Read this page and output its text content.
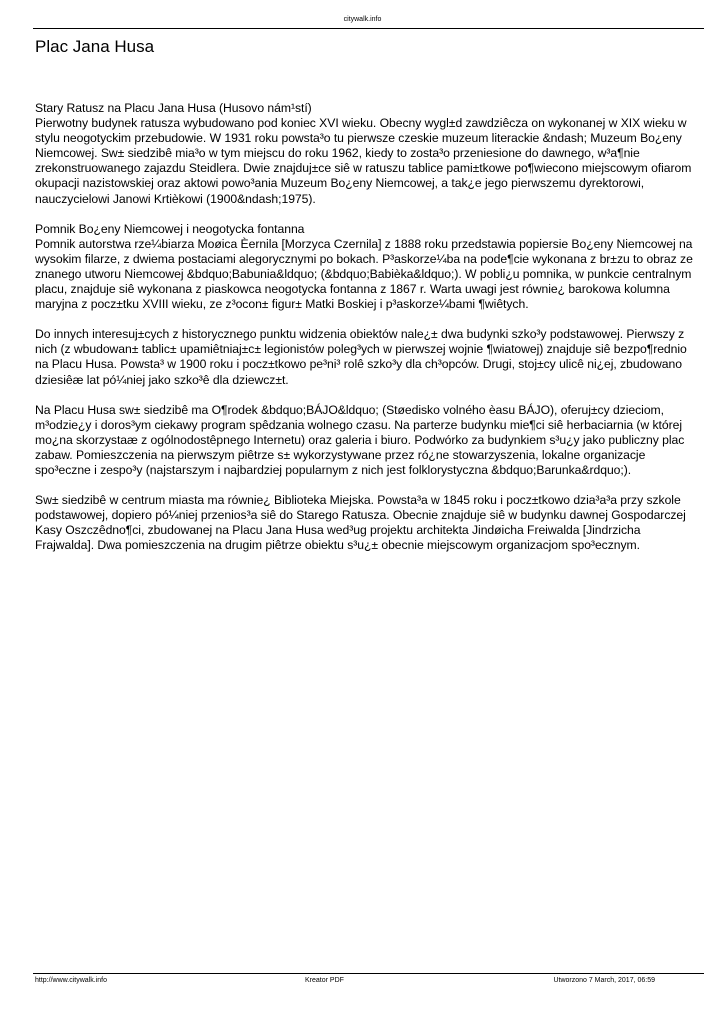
citywalk.info
Plac Jana Husa

Stary Ratusz na Placu Jana Husa (Husovo nám¹stí)
Pierwotny budynek ratusza wybudowano pod koniec XVI wieku. Obecny wygl±d zawdziêcza on wykonanej w XIX wieku w stylu neogotyckim przebudowie. W 1931 roku powsta³o tu pierwsze czeskie muzeum literackie &ndash; Muzeum Bo¿eny Niemcowej. Sw± siedzibê mia³o w tym miejscu do roku 1962, kiedy to zosta³o przeniesione do dawnego, w³a¶nie zrekonstruowanego zajazdu Steidlera. Dwie znajduj±ce siê w ratuszu tablice pami±tkowe po¶wiecono miejscowym ofiarom okupacji nazistowskiej oraz aktowi powo³ania Muzeum Bo¿eny Niemcowej, a tak¿e jego pierwszemu dyrektorowi, nauczycielowi Janowi Krtièkowi (1900&ndash;1975).

Pomnik Bo¿eny Niemcowej i neogotycka fontanna
Pomnik autorstwa rze¼biarza Moøica Èernila [Morzyca Czernila] z 1888 roku przedstawia popiersie Bo¿eny Niemcowej na wysokim filarze, z dwiema postaciami alegorycznymi po bokach. P³askorze¼ba na pode¶cie wykonana z br±zu to obraz ze znanego utworu Niemcowej &bdquo;Babunia&ldquo; (&bdquo;Babièka&ldquo;). W pobli¿u pomnika, w punkcie centralnym placu, znajduje siê wykonana z piaskowca neogotycka fontanna z 1867 r. Warta uwagi jest równie¿ barokowa kolumna maryjna z pocz±tku XVIII wieku, ze z³ocon± figur± Matki Boskiej i p³askorze¼bami ¶wiêtych.

Do innych interesuj±cych z historycznego punktu widzenia obiektów nale¿± dwa budynki szko³y podstawowej. Pierwszy z nich (z wbudowan± tablic± upamiêtniaj±c± legionistów poleg³ych w pierwszej wojnie ¶wiatowej) znajduje siê bezpo¶rednio na Placu Husa. Powsta³ w 1900 roku i pocz±tkowo pe³ni³ rolê szko³y dla ch³opców. Drugi, stoj±cy ulicê ni¿ej, zbudowano dziesiêæ lat pó¼niej jako szko³ê dla dziewcz±t.

Na Placu Husa sw± siedzibê ma O¶rodek &bdquo;BÁJO&ldquo; (Støedisko volného èasu BÁJO), oferuj±cy dzieciom, m³odzie¿y i doros³ym ciekawy program spêdzania wolnego czasu. Na parterze budynku mie¶ci siê herbaciarnia (w której mo¿na skorzystaæ z ogólnodostêpnego Internetu) oraz galeria i biuro. Podwórko za budynkiem s³u¿y jako publiczny plac zabaw. Pomieszczenia na pierwszym piêtrze s± wykorzystywane przez ró¿ne stowarzyszenia, lokalne organizacje spo³eczne i zespo³y (najstarszym i najbardziej popularnym z nich jest folklorystyczna &bdquo;Barunka&rdquo;).

Sw± siedzibê w centrum miasta ma równie¿ Biblioteka Miejska. Powsta³a w 1845 roku i pocz±tkowo dzia³a³a przy szkole podstawowej, dopiero pó¼niej przenios³a siê do Starego Ratusza. Obecnie znajduje siê w budynku dawnej Gospodarczej Kasy Oszczêdno¶ci, zbudowanej na Placu Jana Husa wed³ug projektu architekta Jindøicha Freiwalda [Jindrzicha Frajwalda]. Dwa pomieszczenia na drugim piêtrze obiektu s³u¿± obecnie miejscowym organizacjom spo³ecznym.

http://www.citywalk.info	Kreator PDF	Utworzono 7 March, 2017, 06:59
